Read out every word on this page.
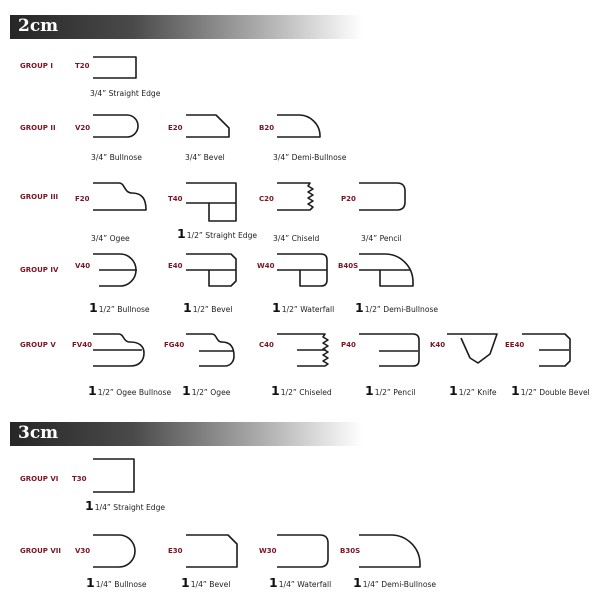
2cm
3cm
GROUP I
GROUP II
GROUP III
GROUP IV
GROUP V
GROUP VI
GROUP VII
T20
3/4” Straight Edge
V20
3/4” Bullnose
E20
3/4” Bevel
B20
3/4” Demi-Bullnose
F20
3/4” Ogee
T40
11/2” Straight Edge
C20
3/4” Chiseld
P20
3/4” Pencil
V40
11/2” Bullnose
E40
11/2” Bevel
W40
11/2” Waterfall
B40S
11/2” Demi-Bullnose
FV40
11/2” Ogee Bullnose
FG40
11/2” Ogee
C40
11/2” Chiseled
P40
11/2” Pencil
K40
11/2” Knife
EE40
11/2” Double Bevel
T30
11/4” Straight Edge
V30
11/4” Bullnose
E30
11/4” Bevel
W30
11/4” Waterfall
B30S
11/4” Demi-Bullnose
